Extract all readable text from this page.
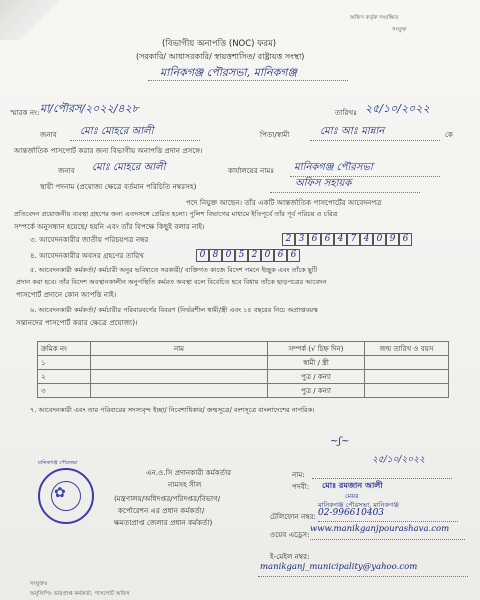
অফিস কর্তৃক সংরক্ষিত
সংযুক্ত
(বিভাগীয় অনাপত্তি (NOC) ফরম)
(সরকারি/ আধাসরকারি/ স্বায়ত্তশাসিত/ রাষ্ট্রায়ত্ত সংস্থা)
মানিকগঞ্জ পৌরসভা, মানিকগঞ্জ
স্মারক নং: মা/পৌরস/২০২২/৪২৮	তারিখঃ ২৫/১০/২০২২
জনাব মোঃ মোহরে আলী	পিতা/স্বামী	মোঃ আঃ মান্নান	কে
আন্তর্জাতিক পাসপোর্ট করার জন্য বিভাগীয় অনাপত্তি প্রদান প্রসঙ্গে।
জনাব মোঃ মোহরে আলী	কার্যালয়ের নামঃ মানিকগঞ্জ পৌরসভা
স্থায়ী পদনাম (প্রযোজ্য ক্ষেত্রে বর্তমান পরিচিতি নম্বরসহ)	অফিস সহায়ক
পদে নিযুক্ত আছেন। তাঁর একটি আন্তর্জাতিক পাসপোর্টের আবেদনপত্র
প্রতিবেদন প্রয়োজনীয় ব্যবস্থা গ্রহণের জন্য এতদসঙ্গে প্রেরিত হলো। পুলিশ বিভাগের মাধ্যমে ইতিপূর্বে তাঁর পূর্ব পরিচয় ও চরিত্র
সম্পর্কে অনুসন্ধান হয়েছে/ হয়নি এবং তাঁর বিপক্ষে কিছুই বলার নাই।
৩. আবেদনকারীর জাতীয় পরিচয়পত্র নম্বর	2 3 6 6 4 7 4 0 9 6
৪. আবেদনকারীর অবসর গ্রহণের তারিখ	0 8 0 5 2 0 6 6
৫. আবেদনকারী কর্মকর্তা/ কর্মচারী অনুর ভবিষ্যতে সরকারী/ ব্যক্তিগত কাজে বিদেশ গমনে ইচ্ছুক এবং তাঁকে ছুটি
প্রদান করা হবে। তাঁর বিদেশ অবস্থানকালীন অনুপস্থিতি কর্মরত অবস্থা বলে বিবেচিত হবে বিধায় তাঁকে ছাড়পত্রের আবেদন
পাসপোর্ট প্রদানে কোন আপত্তি নাই।
৬. আবেদনকারী কর্মকর্তা/ কর্মচারীর পরিবারবর্গের বিবরণ (নির্ভরশীল স্বামী/স্ত্রী এবং ১৫ বছরের নিচে অপ্রাপ্তবয়স্ক
সন্তানদের পাসপোর্ট করার ক্ষেত্রে প্রযোজ্য)।
ক্রমিক নং	নাম	সম্পর্ক (√ চিহ্ন দিন)	জন্ম তারিখ ও বয়স
১		স্বামী / স্ত্রী	
২		পুত্র / কন্যা	
৩		পুত্র / কন্যা	
৭. আবেদনকারী এবং তার পরিবারের সদস্যবৃন্দ ইচ্ছা/ নিবেশাধিকার/ জন্মসূত্রে/ বংশসূত্রে বাংলাদেশের নাগরিক।
~ʃ~
২৫/১০/২০২২
এন.ও.সি প্রদানকারী কর্মকর্তার
নামসহ সীল
(মন্ত্রণালয়/অধিদপ্তর/পরিদপ্তর/বিভাগ/
কর্পোরেশন এর প্রধান কর্মকর্তা/
ক্ষমতাপ্রাপ্ত জেলার প্রধান কর্মকর্তা)
✿
মানিকগঞ্জ পৌরসভা
নাম:
পদবী: মোঃ রমজান আলী
মেয়র
মানিকগঞ্জ পৌরসভা, মানিকগঞ্জ
টেলিফোন নম্বর: 02-996610403
ওয়েব এড্রেস:
www.manikganjpourashava.com
ই-মেইল নম্বর:
manikganj_municipality@yahoo.com
সংযুক্তঃ
অনুলিপিঃ ভারপ্রাপ্ত কর্মকর্তা, পাসপোর্ট অফিস
